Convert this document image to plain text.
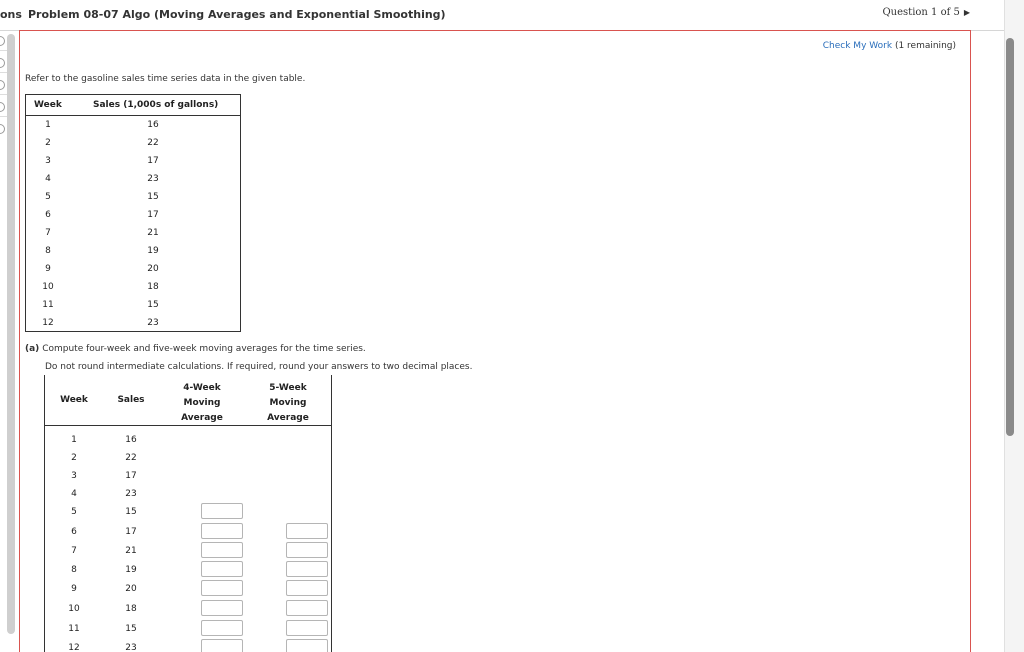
ons Problem 08-07 Algo (Moving Averages and Exponential Smoothing)	Question 1 of 5 ▶
Check My Work (1 remaining)
Refer to the gasoline sales time series data in the given table.
Week	Sales (1,000s of gallons)
1	16
2	22
3	17
4	23
5	15
6	17
7	21
8	19
9	20
10	18
11	15
12	23
(a) Compute four-week and five-week moving averages for the time series.
Do not round intermediate calculations. If required, round your answers to two decimal places.
Week	Sales
4-Week
Moving
Average
5-Week
Moving
Average
1	16
2	22
3	17
4	23
5	15
6	17
7	21
8	19
9	20
10	18
11	15
12	23
